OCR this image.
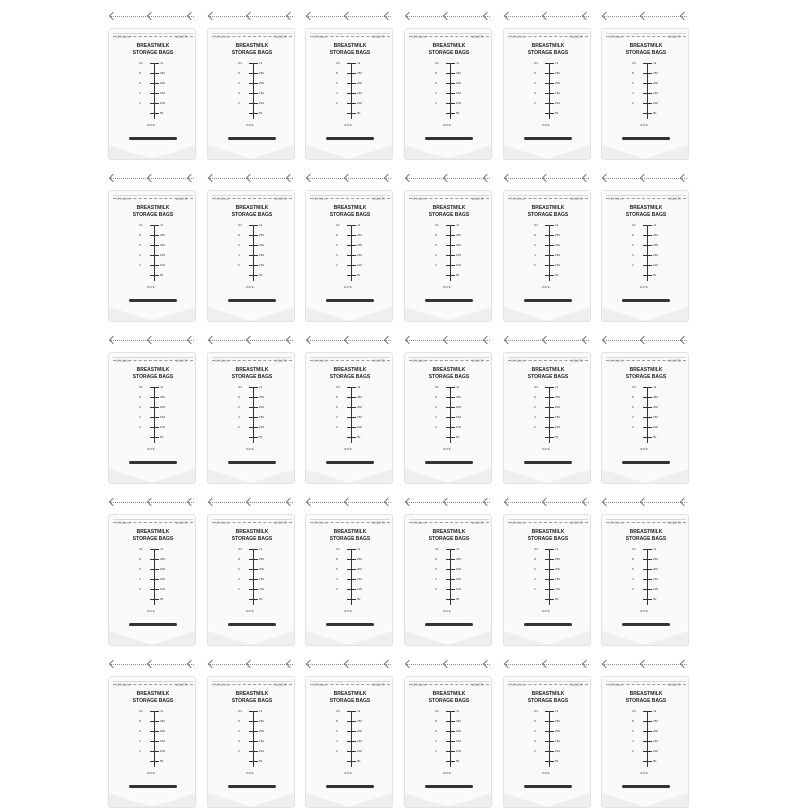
NYALU	WAER
BREASTMILK
STORAGE BAGS
Oz	ml
8	250
6	200
4	150
2	100
50
DATE
NYALU	WAER
BREASTMILK
STORAGE BAGS
Oz	ml
8	250
6	200
4	150
2	100
50
DATE
NYALU	WAER
BREASTMILK
STORAGE BAGS
Oz	ml
8	250
6	200
4	150
2	100
50
DATE
NYALU	WAER
BREASTMILK
STORAGE BAGS
Oz	ml
8	250
6	200
4	150
2	100
50
DATE
NYALU	WAER
BREASTMILK
STORAGE BAGS
Oz	ml
8	250
6	200
4	150
2	100
50
DATE
NYALU	WAER
BREASTMILK
STORAGE BAGS
Oz	ml
8	250
6	200
4	150
2	100
50
DATE
NYALU	WAER
BREASTMILK
STORAGE BAGS
Oz	ml
8	250
6	200
4	150
2	100
50
DATE
NYALU	WAER
BREASTMILK
STORAGE BAGS
Oz	ml
8	250
6	200
4	150
2	100
50
DATE
NYALU	WAER
BREASTMILK
STORAGE BAGS
Oz	ml
8	250
6	200
4	150
2	100
50
DATE
NYALU	WAER
BREASTMILK
STORAGE BAGS
Oz	ml
8	250
6	200
4	150
2	100
50
DATE
NYALU	WAER
BREASTMILK
STORAGE BAGS
Oz	ml
8	250
6	200
4	150
2	100
50
DATE
NYALU	WAER
BREASTMILK
STORAGE BAGS
Oz	ml
8	250
6	200
4	150
2	100
50
DATE
NYALU	WAER
BREASTMILK
STORAGE BAGS
Oz	ml
8	250
6	200
4	150
2	100
50
DATE
NYALU	WAER
BREASTMILK
STORAGE BAGS
Oz	ml
8	250
6	200
4	150
2	100
50
DATE
NYALU	WAER
BREASTMILK
STORAGE BAGS
Oz	ml
8	250
6	200
4	150
2	100
50
DATE
NYALU	WAER
BREASTMILK
STORAGE BAGS
Oz	ml
8	250
6	200
4	150
2	100
50
DATE
NYALU	WAER
BREASTMILK
STORAGE BAGS
Oz	ml
8	250
6	200
4	150
2	100
50
DATE
NYALU	WAER
BREASTMILK
STORAGE BAGS
Oz	ml
8	250
6	200
4	150
2	100
50
DATE
NYALU	WAER
BREASTMILK
STORAGE BAGS
Oz	ml
8	250
6	200
4	150
2	100
50
DATE
NYALU	WAER
BREASTMILK
STORAGE BAGS
Oz	ml
8	250
6	200
4	150
2	100
50
DATE
NYALU	WAER
BREASTMILK
STORAGE BAGS
Oz	ml
8	250
6	200
4	150
2	100
50
DATE
NYALU	WAER
BREASTMILK
STORAGE BAGS
Oz	ml
8	250
6	200
4	150
2	100
50
DATE
NYALU	WAER
BREASTMILK
STORAGE BAGS
Oz	ml
8	250
6	200
4	150
2	100
50
DATE
NYALU	WAER
BREASTMILK
STORAGE BAGS
Oz	ml
8	250
6	200
4	150
2	100
50
DATE
NYALU	WAER
BREASTMILK
STORAGE BAGS
Oz	ml
8	250
6	200
4	150
2	100
50
DATE
NYALU	WAER
BREASTMILK
STORAGE BAGS
Oz	ml
8	250
6	200
4	150
2	100
50
DATE
NYALU	WAER
BREASTMILK
STORAGE BAGS
Oz	ml
8	250
6	200
4	150
2	100
50
DATE
NYALU	WAER
BREASTMILK
STORAGE BAGS
Oz	ml
8	250
6	200
4	150
2	100
50
DATE
NYALU	WAER
BREASTMILK
STORAGE BAGS
Oz	ml
8	250
6	200
4	150
2	100
50
DATE
NYALU	WAER
BREASTMILK
STORAGE BAGS
Oz	ml
8	250
6	200
4	150
2	100
50
DATE
